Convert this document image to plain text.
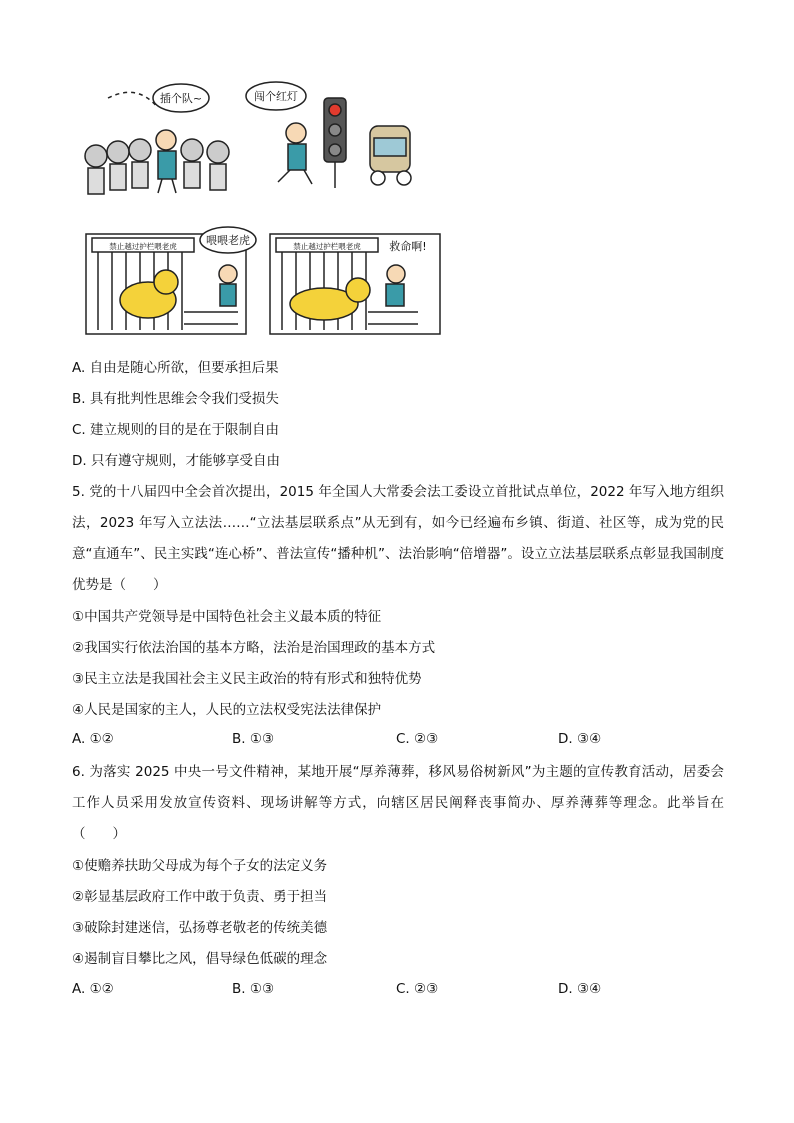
插个队~	闯个红灯
禁止越过护栏喂老虎	喂喂老虎	禁止越过护栏喂老虎	救命啊!
A. 自由是随心所欲，但要承担后果
B. 具有批判性思维会令我们受损失
C. 建立规则的目的是在于限制自由
D. 只有遵守规则，才能够享受自由
5. 党的十八届四中全会首次提出，2015 年全国人大常委会法工委设立首批试点单位，2022 年写入地方组织法，2023 年写入立法法……“立法基层联系点”从无到有，如今已经遍布乡镇、街道、社区等，成为党的民意“直通车”、民主实践“连心桥”、普法宣传“播种机”、法治影响“倍增器”。设立立法基层联系点彰显我国制度优势是（　　）
①中国共产党领导是中国特色社会主义最本质的特征
②我国实行依法治国的基本方略，法治是治国理政的基本方式
③民主立法是我国社会主义民主政治的特有形式和独特优势
④人民是国家的主人，人民的立法权受宪法法律保护
A. ①②	B. ①③	C. ②③	D. ③④
6. 为落实 2025 中央一号文件精神，某地开展“厚养薄葬，移风易俗树新风”为主题的宣传教育活动，居委会工作人员采用发放宣传资料、现场讲解等方式，向辖区居民阐释丧事简办、厚养薄葬等理念。此举旨在（　　）
①使赡养扶助父母成为每个子女的法定义务
②彰显基层政府工作中敢于负责、勇于担当
③破除封建迷信，弘扬尊老敬老的传统美德
④遏制盲目攀比之风，倡导绿色低碳的理念
A. ①②	B. ①③	C. ②③	D. ③④
